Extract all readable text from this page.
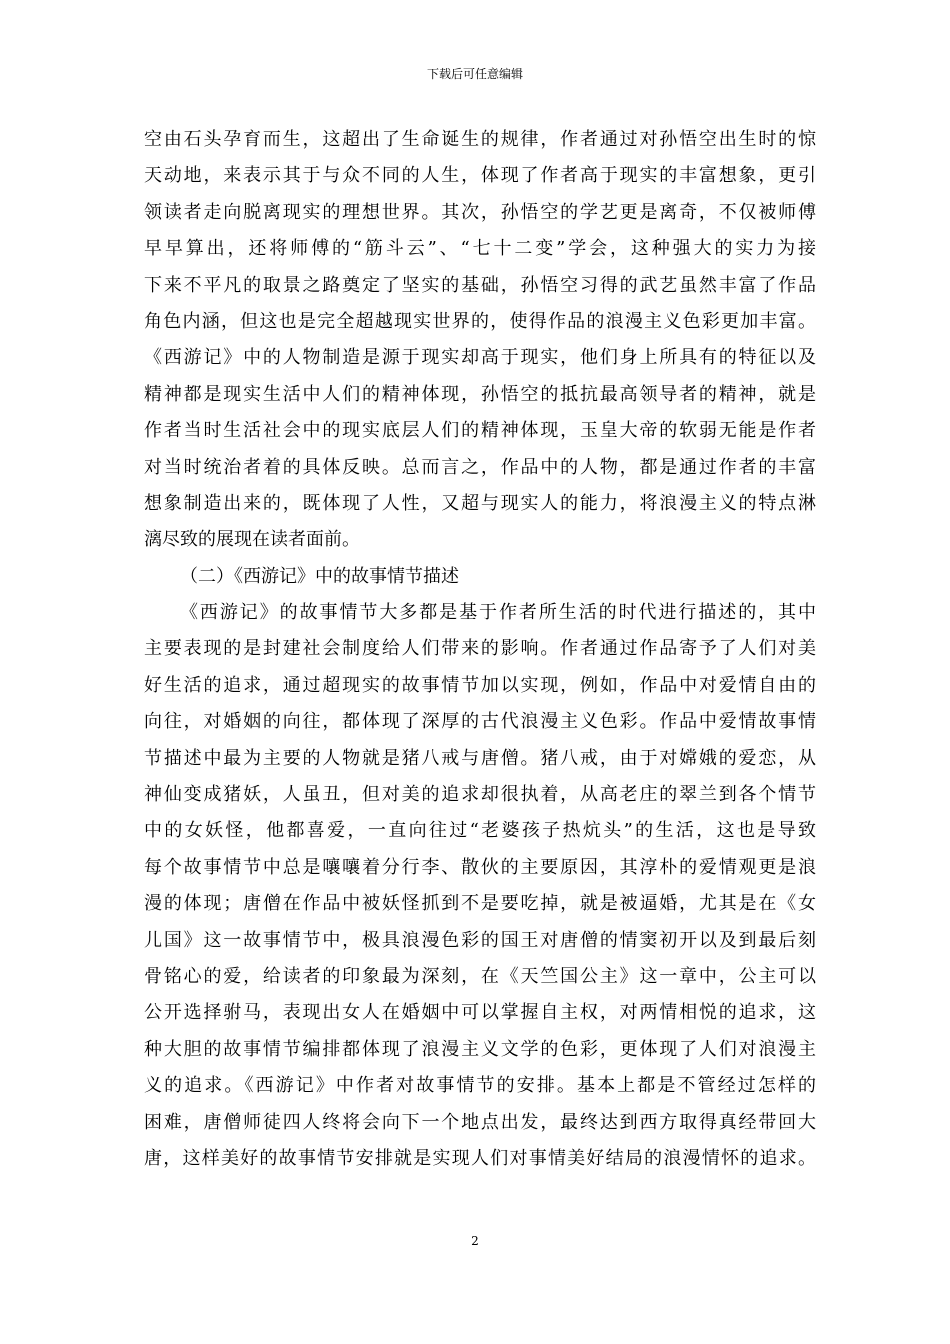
下载后可任意编辑
空由石头孕育而生，这超出了生命诞生的规律，作者通过对孙悟空出生时的惊
天动地，来表示其于与众不同的人生，体现了作者高于现实的丰富想象，更引
领读者走向脱离现实的理想世界。其次，孙悟空的学艺更是离奇，不仅被师傅
早早算出，还将师傅的“筋斗云”、“七十二变”学会，这种强大的实力为接
下来不平凡的取景之路奠定了坚实的基础，孙悟空习得的武艺虽然丰富了作品
角色内涵，但这也是完全超越现实世界的，使得作品的浪漫主义色彩更加丰富。
《西游记》中的人物制造是源于现实却高于现实，他们身上所具有的特征以及
精神都是现实生活中人们的精神体现，孙悟空的抵抗最高领导者的精神，就是
作者当时生活社会中的现实底层人们的精神体现，玉皇大帝的软弱无能是作者
对当时统治者着的具体反映。总而言之，作品中的人物，都是通过作者的丰富
想象制造出来的，既体现了人性，又超与现实人的能力，将浪漫主义的特点淋
漓尽致的展现在读者面前。
（二）《西游记》中的故事情节描述
《西游记》的故事情节大多都是基于作者所生活的时代进行描述的，其中
主要表现的是封建社会制度给人们带来的影响。作者通过作品寄予了人们对美
好生活的追求，通过超现实的故事情节加以实现，例如，作品中对爱情自由的
向往，对婚姻的向往，都体现了深厚的古代浪漫主义色彩。作品中爱情故事情
节描述中最为主要的人物就是猪八戒与唐僧。猪八戒，由于对嫦娥的爱恋，从
神仙变成猪妖，人虽丑，但对美的追求却很执着，从高老庄的翠兰到各个情节
中的女妖怪，他都喜爱，一直向往过“老婆孩子热炕头”的生活，这也是导致
每个故事情节中总是嚷嚷着分行李、散伙的主要原因，其淳朴的爱情观更是浪
漫的体现；唐僧在作品中被妖怪抓到不是要吃掉，就是被逼婚，尤其是在《女
儿国》这一故事情节中，极具浪漫色彩的国王对唐僧的情窦初开以及到最后刻
骨铭心的爱，给读者的印象最为深刻，在《天竺国公主》这一章中，公主可以
公开选择驸马，表现出女人在婚姻中可以掌握自主权，对两情相悦的追求，这
种大胆的故事情节编排都体现了浪漫主义文学的色彩，更体现了人们对浪漫主
义的追求。《西游记》中作者对故事情节的安排。基本上都是不管经过怎样的
困难，唐僧师徒四人终将会向下一个地点出发，最终达到西方取得真经带回大
唐，这样美好的故事情节安排就是实现人们对事情美好结局的浪漫情怀的追求。
2
